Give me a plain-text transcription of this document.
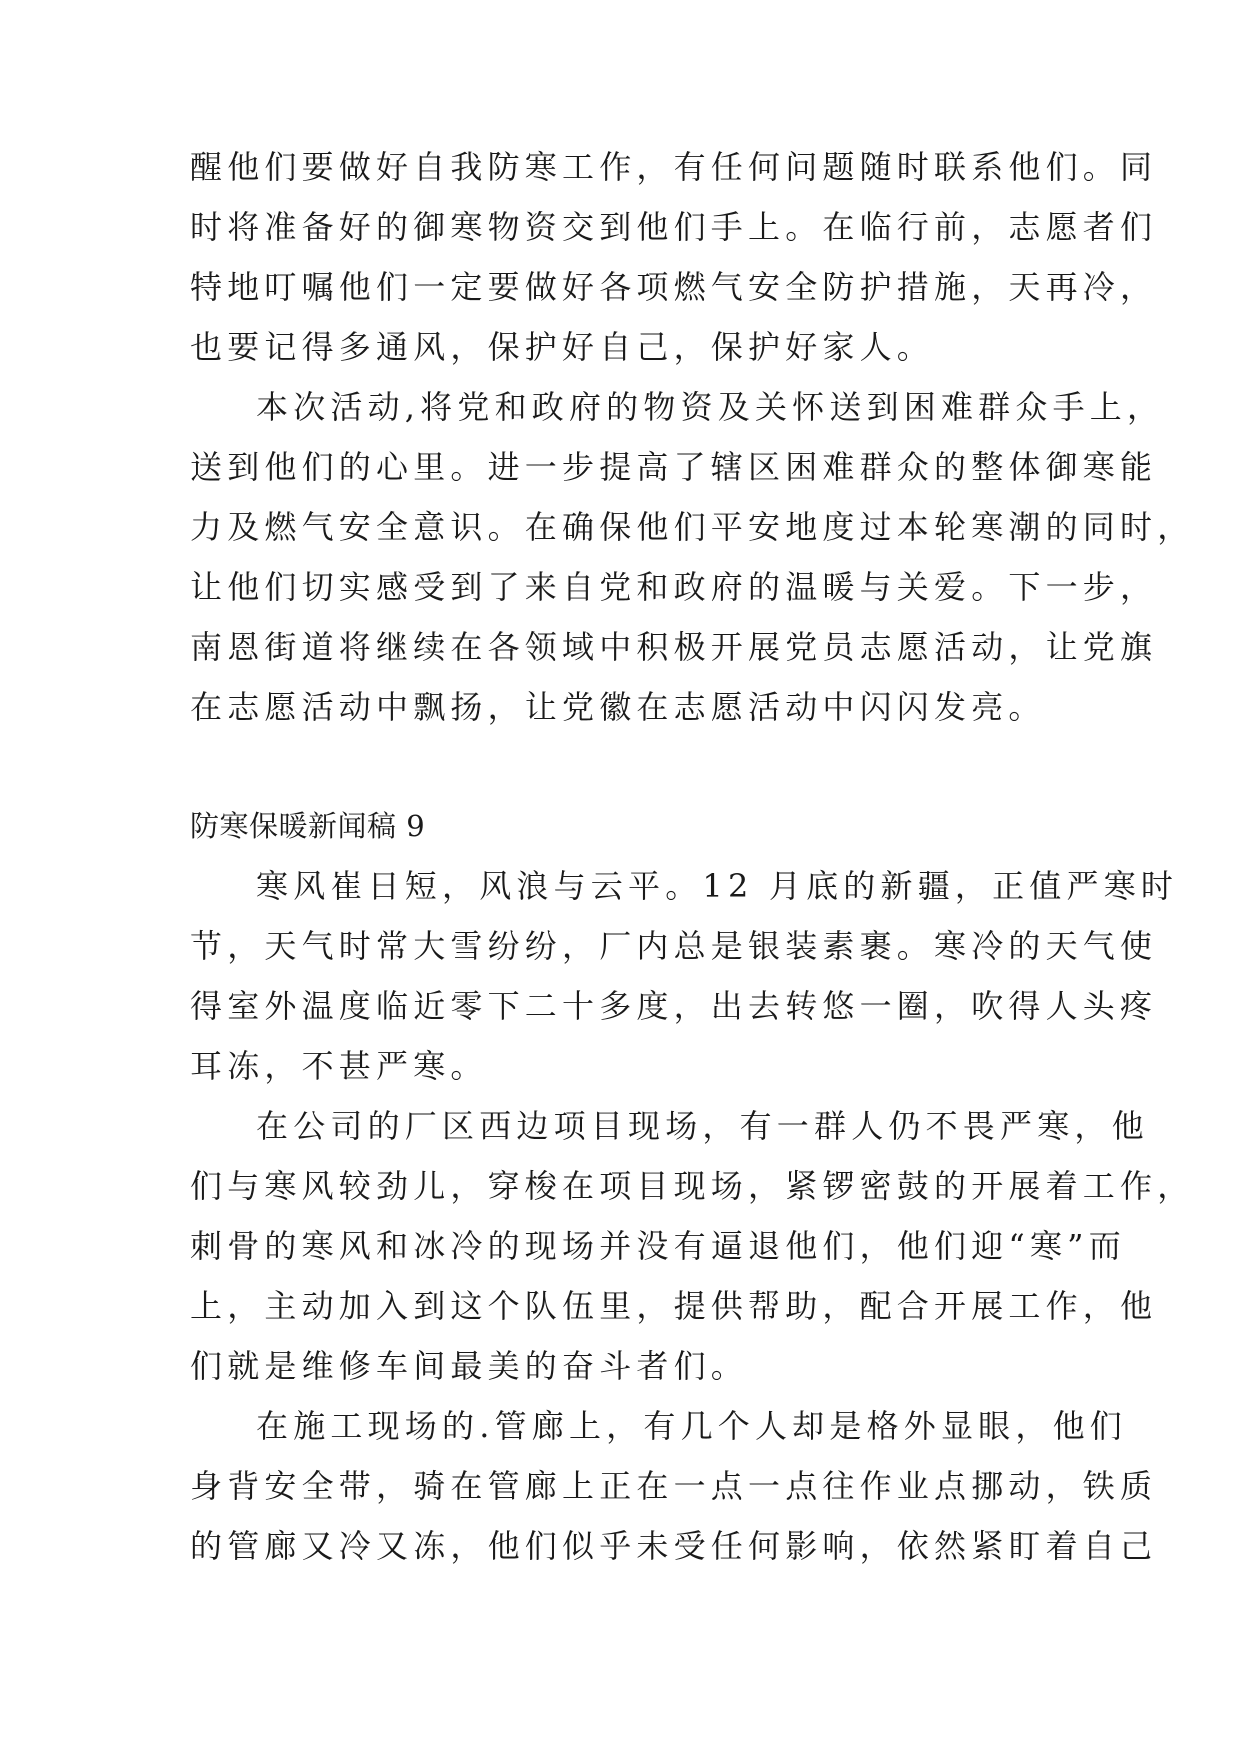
醒他们要做好自我防寒工作，有任何问题随时联系他们。同
时将准备好的御寒物资交到他们手上。在临行前，志愿者们
特地叮嘱他们一定要做好各项燃气安全防护措施，天再冷，
也要记得多通风，保护好自己，保护好家人。
本次活动,将党和政府的物资及关怀送到困难群众手上，
送到他们的心里。进一步提高了辖区困难群众的整体御寒能
力及燃气安全意识。在确保他们平安地度过本轮寒潮的同时，
让他们切实感受到了来自党和政府的温暖与关爱。下一步，
南恩街道将继续在各领域中积极开展党员志愿活动，让党旗
在志愿活动中飘扬，让党徽在志愿活动中闪闪发亮。
防寒保暖新闻稿 9
寒风崔日短，风浪与云平。12 月底的新疆，正值严寒时
节，天气时常大雪纷纷，厂内总是银装素裹。寒冷的天气使
得室外温度临近零下二十多度，出去转悠一圈，吹得人头疼
耳冻，不甚严寒。
在公司的厂区西边项目现场，有一群人仍不畏严寒，他
们与寒风较劲儿，穿梭在项目现场，紧锣密鼓的开展着工作，
刺骨的寒风和冰冷的现场并没有逼退他们，他们迎“寒”而
上，主动加入到这个队伍里，提供帮助，配合开展工作，他
们就是维修车间最美的奋斗者们。
在施工现场的.管廊上，有几个人却是格外显眼，他们
身背安全带，骑在管廊上正在一点一点往作业点挪动，铁质
的管廊又冷又冻，他们似乎未受任何影响，依然紧盯着自己
